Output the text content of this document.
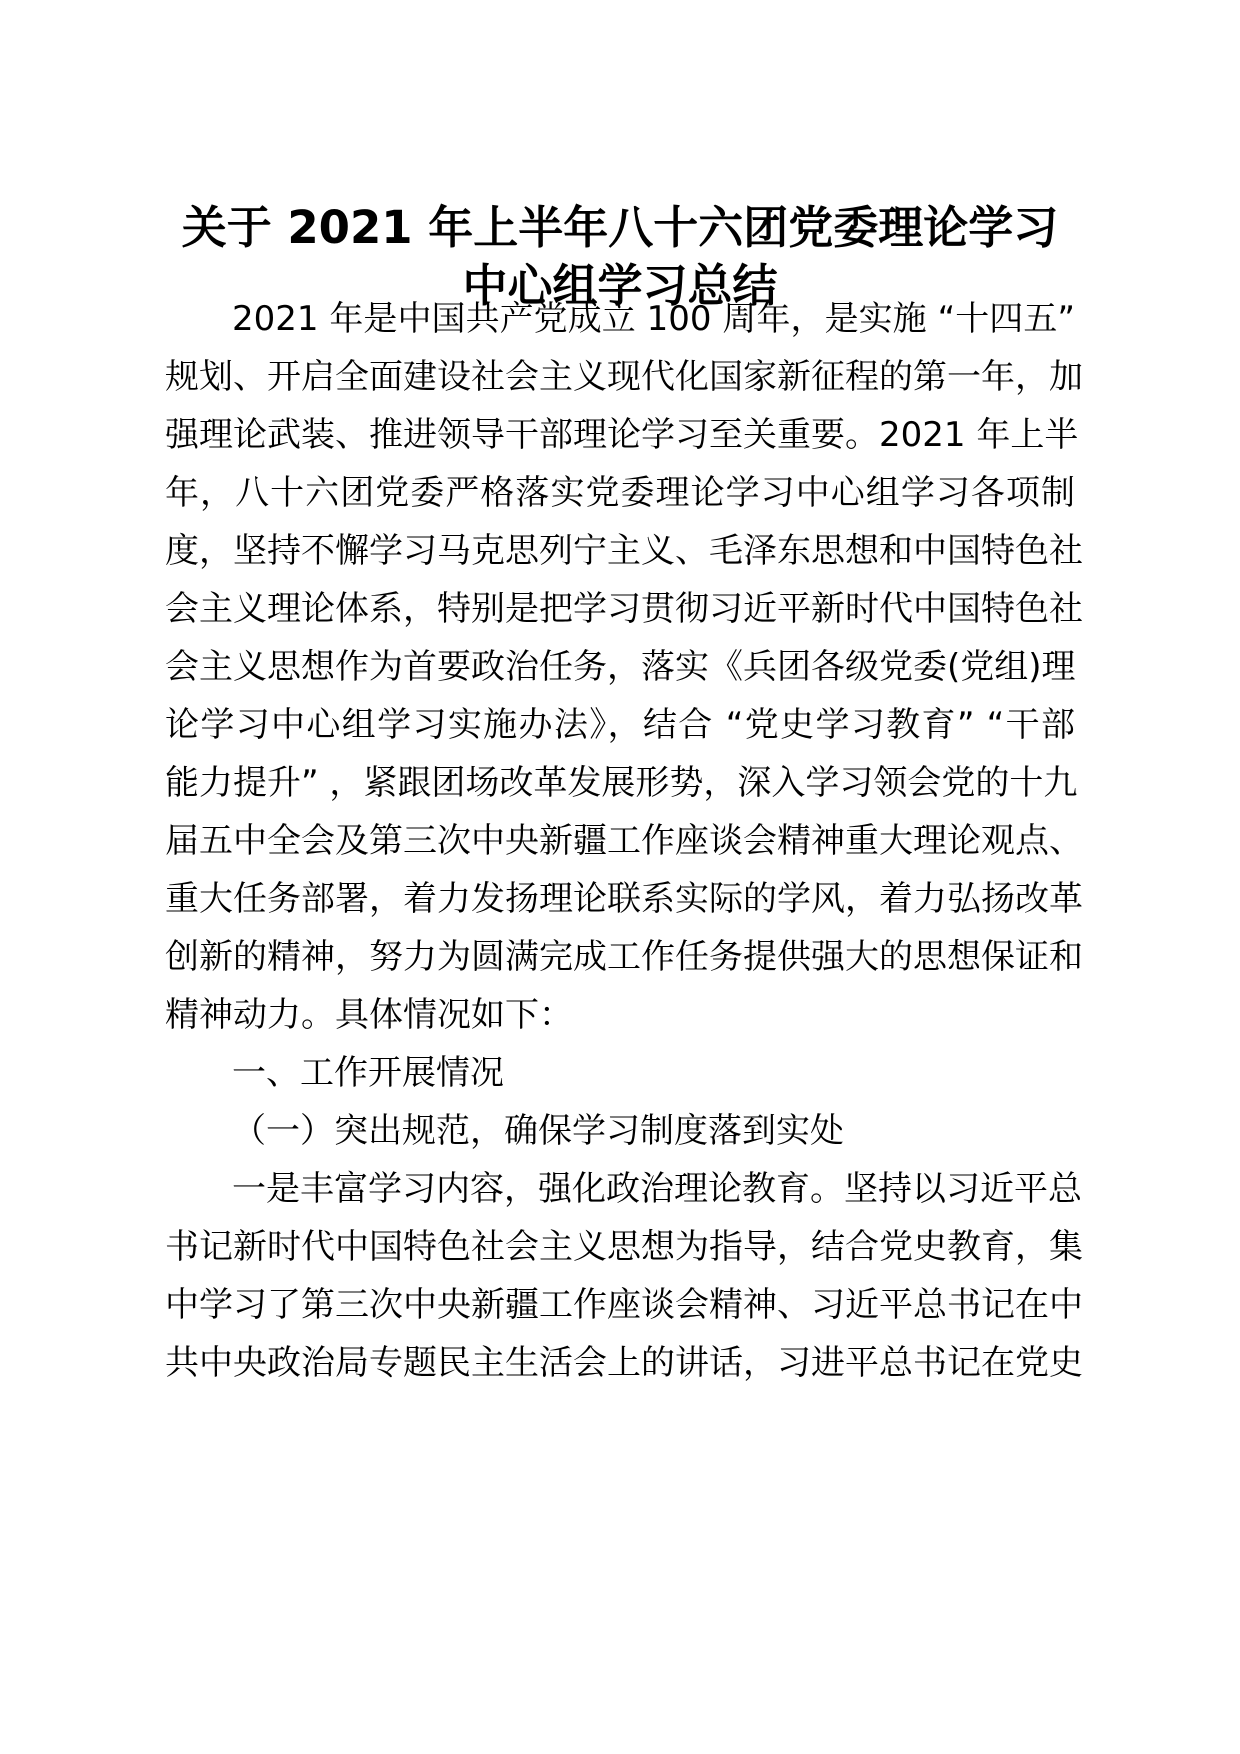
关于 2021 年上半年八十六团党委理论学习
中心组学习总结
2021 年是中国共产党成立 100 周年，是实施 “十四五”
规划、开启全面建设社会主义现代化国家新征程的第一年，加
强理论武装、推进领导干部理论学习至关重要。2021 年上半
年，八十六团党委严格落实党委理论学习中心组学习各项制
度，坚持不懈学习马克思列宁主义、毛泽东思想和中国特色社
会主义理论体系，特别是把学习贯彻习近平新时代中国特色社
会主义思想作为首要政治任务，落实《兵团各级党委(党组)理
论学习中心组学习实施办法》，结合 “党史学习教育” “干部
能力提升” ，紧跟团场改革发展形势，深入学习领会党的十九
届五中全会及第三次中央新疆工作座谈会精神重大理论观点、
重大任务部署，着力发扬理论联系实际的学风，着力弘扬改革
创新的精神，努力为圆满完成工作任务提供强大的思想保证和
精神动力。具体情况如下：
一、工作开展情况
（一）突出规范，确保学习制度落到实处
一是丰富学习内容，强化政治理论教育。坚持以习近平总
书记新时代中国特色社会主义思想为指导，结合党史教育，集
中学习了第三次中央新疆工作座谈会精神、习近平总书记在中
共中央政治局专题民主生活会上的讲话，习进平总书记在党史
